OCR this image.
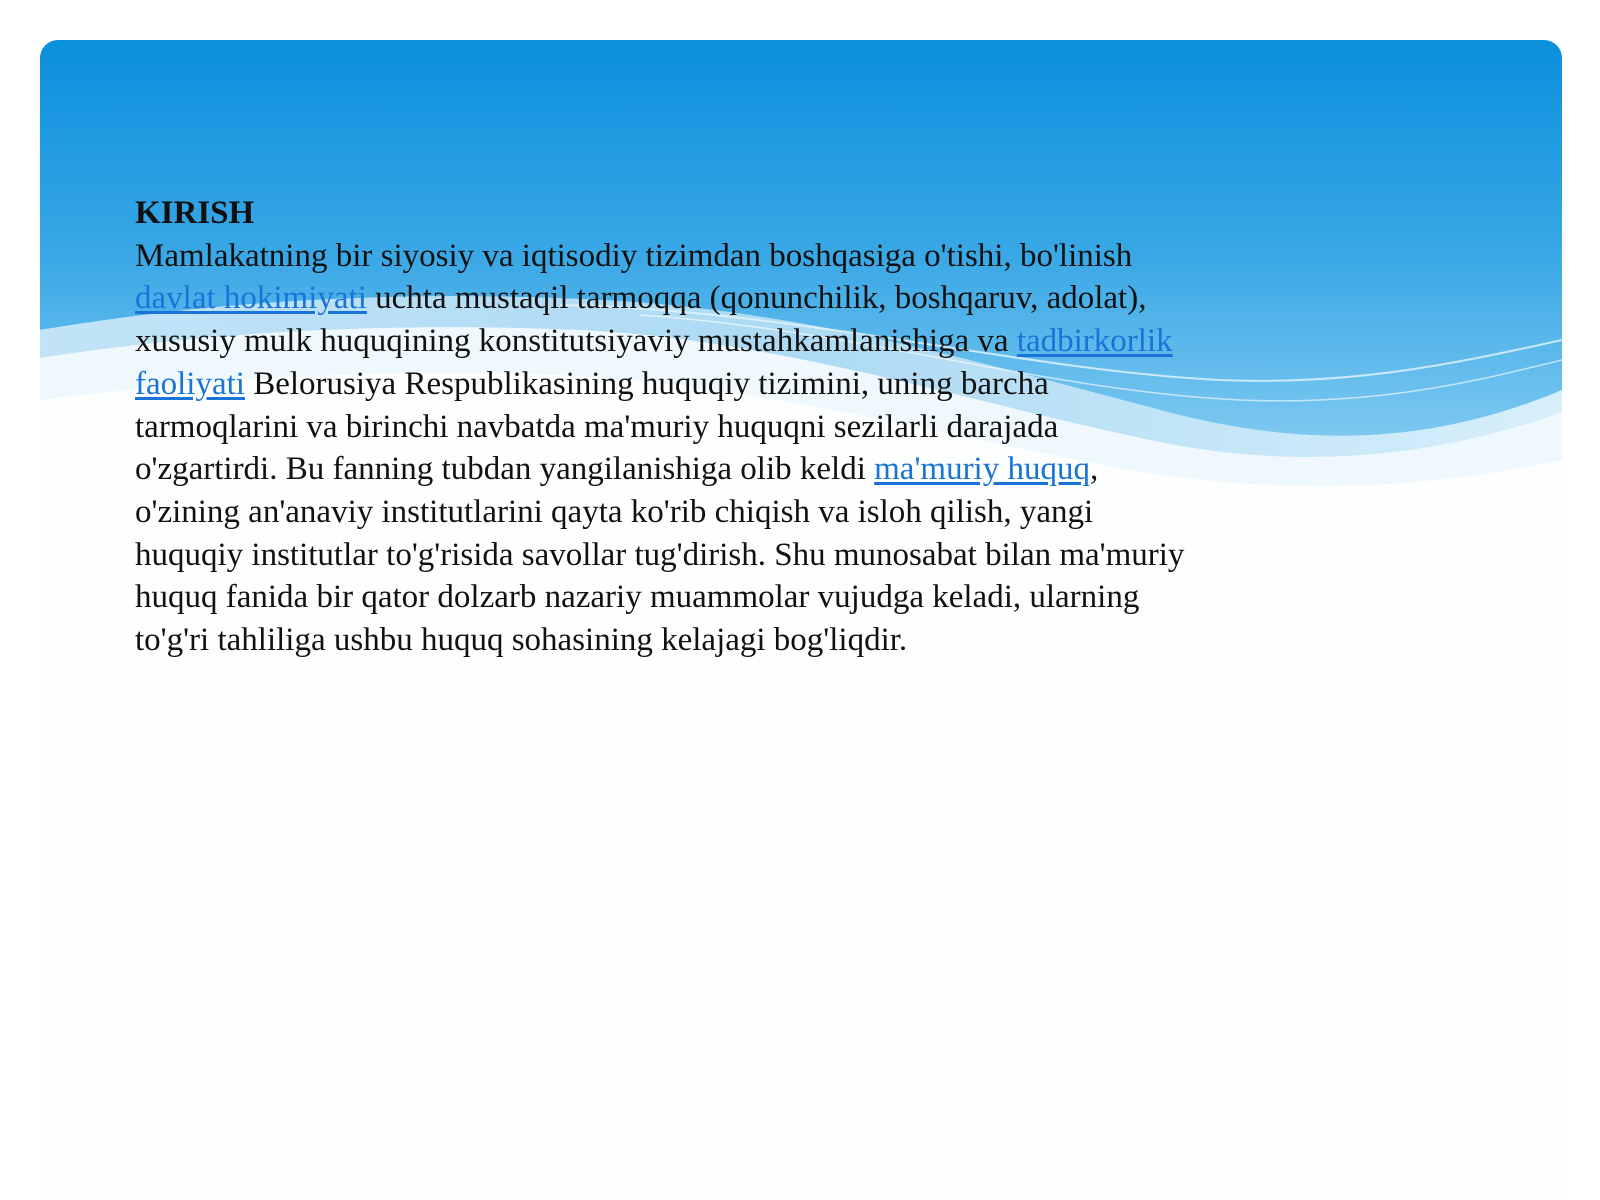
KIRISH
Mamlakatning bir siyosiy va iqtisodiy tizimdan boshqasiga o'tishi, bo'linish davlat hokimiyati uchta mustaqil tarmoqqa (qonunchilik, boshqaruv, adolat), xususiy mulk huquqining konstitutsiyaviy mustahkamlanishiga va tadbirkorlik faoliyati Belorusiya Respublikasining huquqiy tizimini, uning barcha tarmoqlarini va birinchi navbatda ma'muriy huquqni sezilarli darajada o'zgartirdi. Bu fanning tubdan yangilanishiga olib keldi ma'muriy huquq, o'zining an'anaviy institutlarini qayta ko'rib chiqish va isloh qilish, yangi huquqiy institutlar to'g'risida savollar tug'dirish. Shu munosabat bilan ma'muriy huquq fanida bir qator dolzarb nazariy muammolar vujudga keladi, ularning to'g'ri tahliliga ushbu huquq sohasining kelajagi bog'liqdir.
